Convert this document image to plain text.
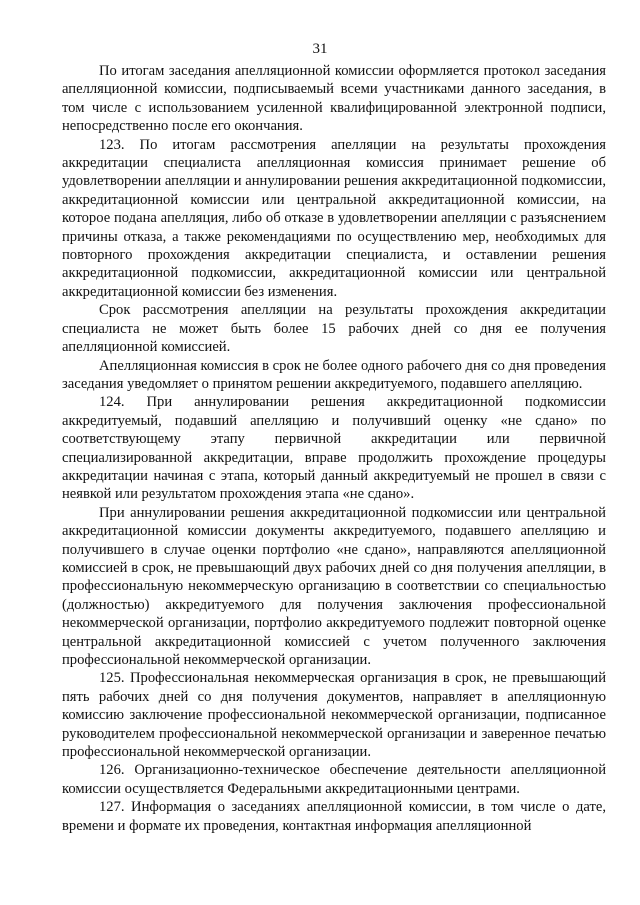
31

По итогам заседания апелляционной комиссии оформляется протокол заседания апелляционной комиссии, подписываемый всеми участниками данного заседания, в том числе с использованием усиленной квалифицированной электронной подписи, непосредственно после его окончания.

123. По итогам рассмотрения апелляции на результаты прохождения аккредитации специалиста апелляционная комиссия принимает решение об удовлетворении апелляции и аннулировании решения аккредитационной подкомиссии, аккредитационной комиссии или центральной аккредитационной комиссии, на которое подана апелляция, либо об отказе в удовлетворении апелляции с разъяснением причины отказа, а также рекомендациями по осуществлению мер, необходимых для повторного прохождения аккредитации специалиста, и оставлении решения аккредитационной подкомиссии, аккредитационной комиссии или центральной аккредитационной комиссии без изменения.

Срок рассмотрения апелляции на результаты прохождения аккредитации специалиста не может быть более 15 рабочих дней со дня ее получения апелляционной комиссией.

Апелляционная комиссия в срок не более одного рабочего дня со дня проведения заседания уведомляет о принятом решении аккредитуемого, подавшего апелляцию.

124. При аннулировании решения аккредитационной подкомиссии аккредитуемый, подавший апелляцию и получивший оценку «не сдано» по соответствующему этапу первичной аккредитации или первичной специализированной аккредитации, вправе продолжить прохождение процедуры аккредитации начиная с этапа, который данный аккредитуемый не прошел в связи с неявкой или результатом прохождения этапа «не сдано».

При аннулировании решения аккредитационной подкомиссии или центральной аккредитационной комиссии документы аккредитуемого, подавшего апелляцию и получившего в случае оценки портфолио «не сдано», направляются апелляционной комиссией в срок, не превышающий двух рабочих дней со дня получения апелляции, в профессиональную некоммерческую организацию в соответствии со специальностью (должностью) аккредитуемого для получения заключения профессиональной некоммерческой организации, портфолио аккредитуемого подлежит повторной оценке центральной аккредитационной комиссией с учетом полученного заключения профессиональной некоммерческой организации.

125. Профессиональная некоммерческая организация в срок, не превышающий пять рабочих дней со дня получения документов, направляет в апелляционную комиссию заключение профессиональной некоммерческой организации, подписанное руководителем профессиональной некоммерческой организации и заверенное печатью профессиональной некоммерческой организации.

126. Организационно-техническое обеспечение деятельности апелляционной комиссии осуществляется Федеральными аккредитационными центрами.

127. Информация о заседаниях апелляционной комиссии, в том числе о дате, времени и формате их проведения, контактная информация апелляционной
